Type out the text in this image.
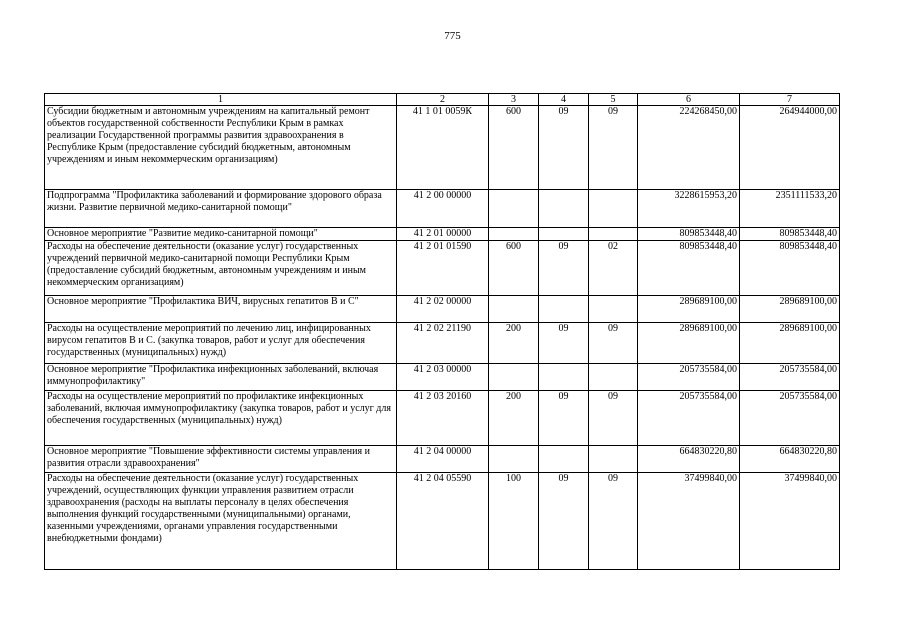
775
1	2	3	4	5	6	7
Субсидии бюджетным и автономным учреждениям на капитальный ремонт объектов государственной собственности Республики Крым в рамках реализации Государственной программы развития здравоохранения в Республике Крым (предоставление субсидий бюджетным, автономным учреждениям и иным некоммерческим организациям)	41 1 01 0059К	600	09	09	224268450,00	264944000,00
Подпрограмма "Профилактика заболеваний и формирование здорового образа жизни. Развитие первичной медико-санитарной помощи"	41 2 00 00000				3228615953,20	2351111533,20
Основное мероприятие "Развитие медико-санитарной помощи"	41 2 01 00000				809853448,40	809853448,40
Расходы на обеспечение деятельности (оказание услуг) государственных учреждений первичной медико-санитарной помощи Республики Крым (предоставление субсидий бюджетным, автономным учреждениям и иным некоммерческим организациям)	41 2 01 01590	600	09	02	809853448,40	809853448,40
Основное мероприятие "Профилактика ВИЧ, вирусных гепатитов В и С"	41 2 02 00000				289689100,00	289689100,00
Расходы на осуществление мероприятий по лечению лиц, инфицированных вирусом гепатитов В и С. (закупка товаров, работ и услуг для обеспечения государственных (муниципальных) нужд)	41 2 02 21190	200	09	09	289689100,00	289689100,00
Основное мероприятие "Профилактика инфекционных заболеваний, включая иммунопрофилактику"	41 2 03 00000				205735584,00	205735584,00
Расходы на осуществление мероприятий по профилактике инфекционных заболеваний, включая иммунопрофилактику (закупка товаров, работ и услуг для обеспечения государственных (муниципальных) нужд)	41 2 03 20160	200	09	09	205735584,00	205735584,00
Основное мероприятие "Повышение эффективности системы управления и развития отрасли здравоохранения"	41 2 04 00000				664830220,80	664830220,80
Расходы на обеспечение деятельности (оказание услуг) государственных учреждений, осуществляющих функции управления развитием отрасли здравоохранения (расходы на выплаты персоналу в целях обеспечения выполнения функций государственными (муниципальными) органами, казенными учреждениями, органами управления государственными внебюджетными фондами)	41 2 04 05590	100	09	09	37499840,00	37499840,00
